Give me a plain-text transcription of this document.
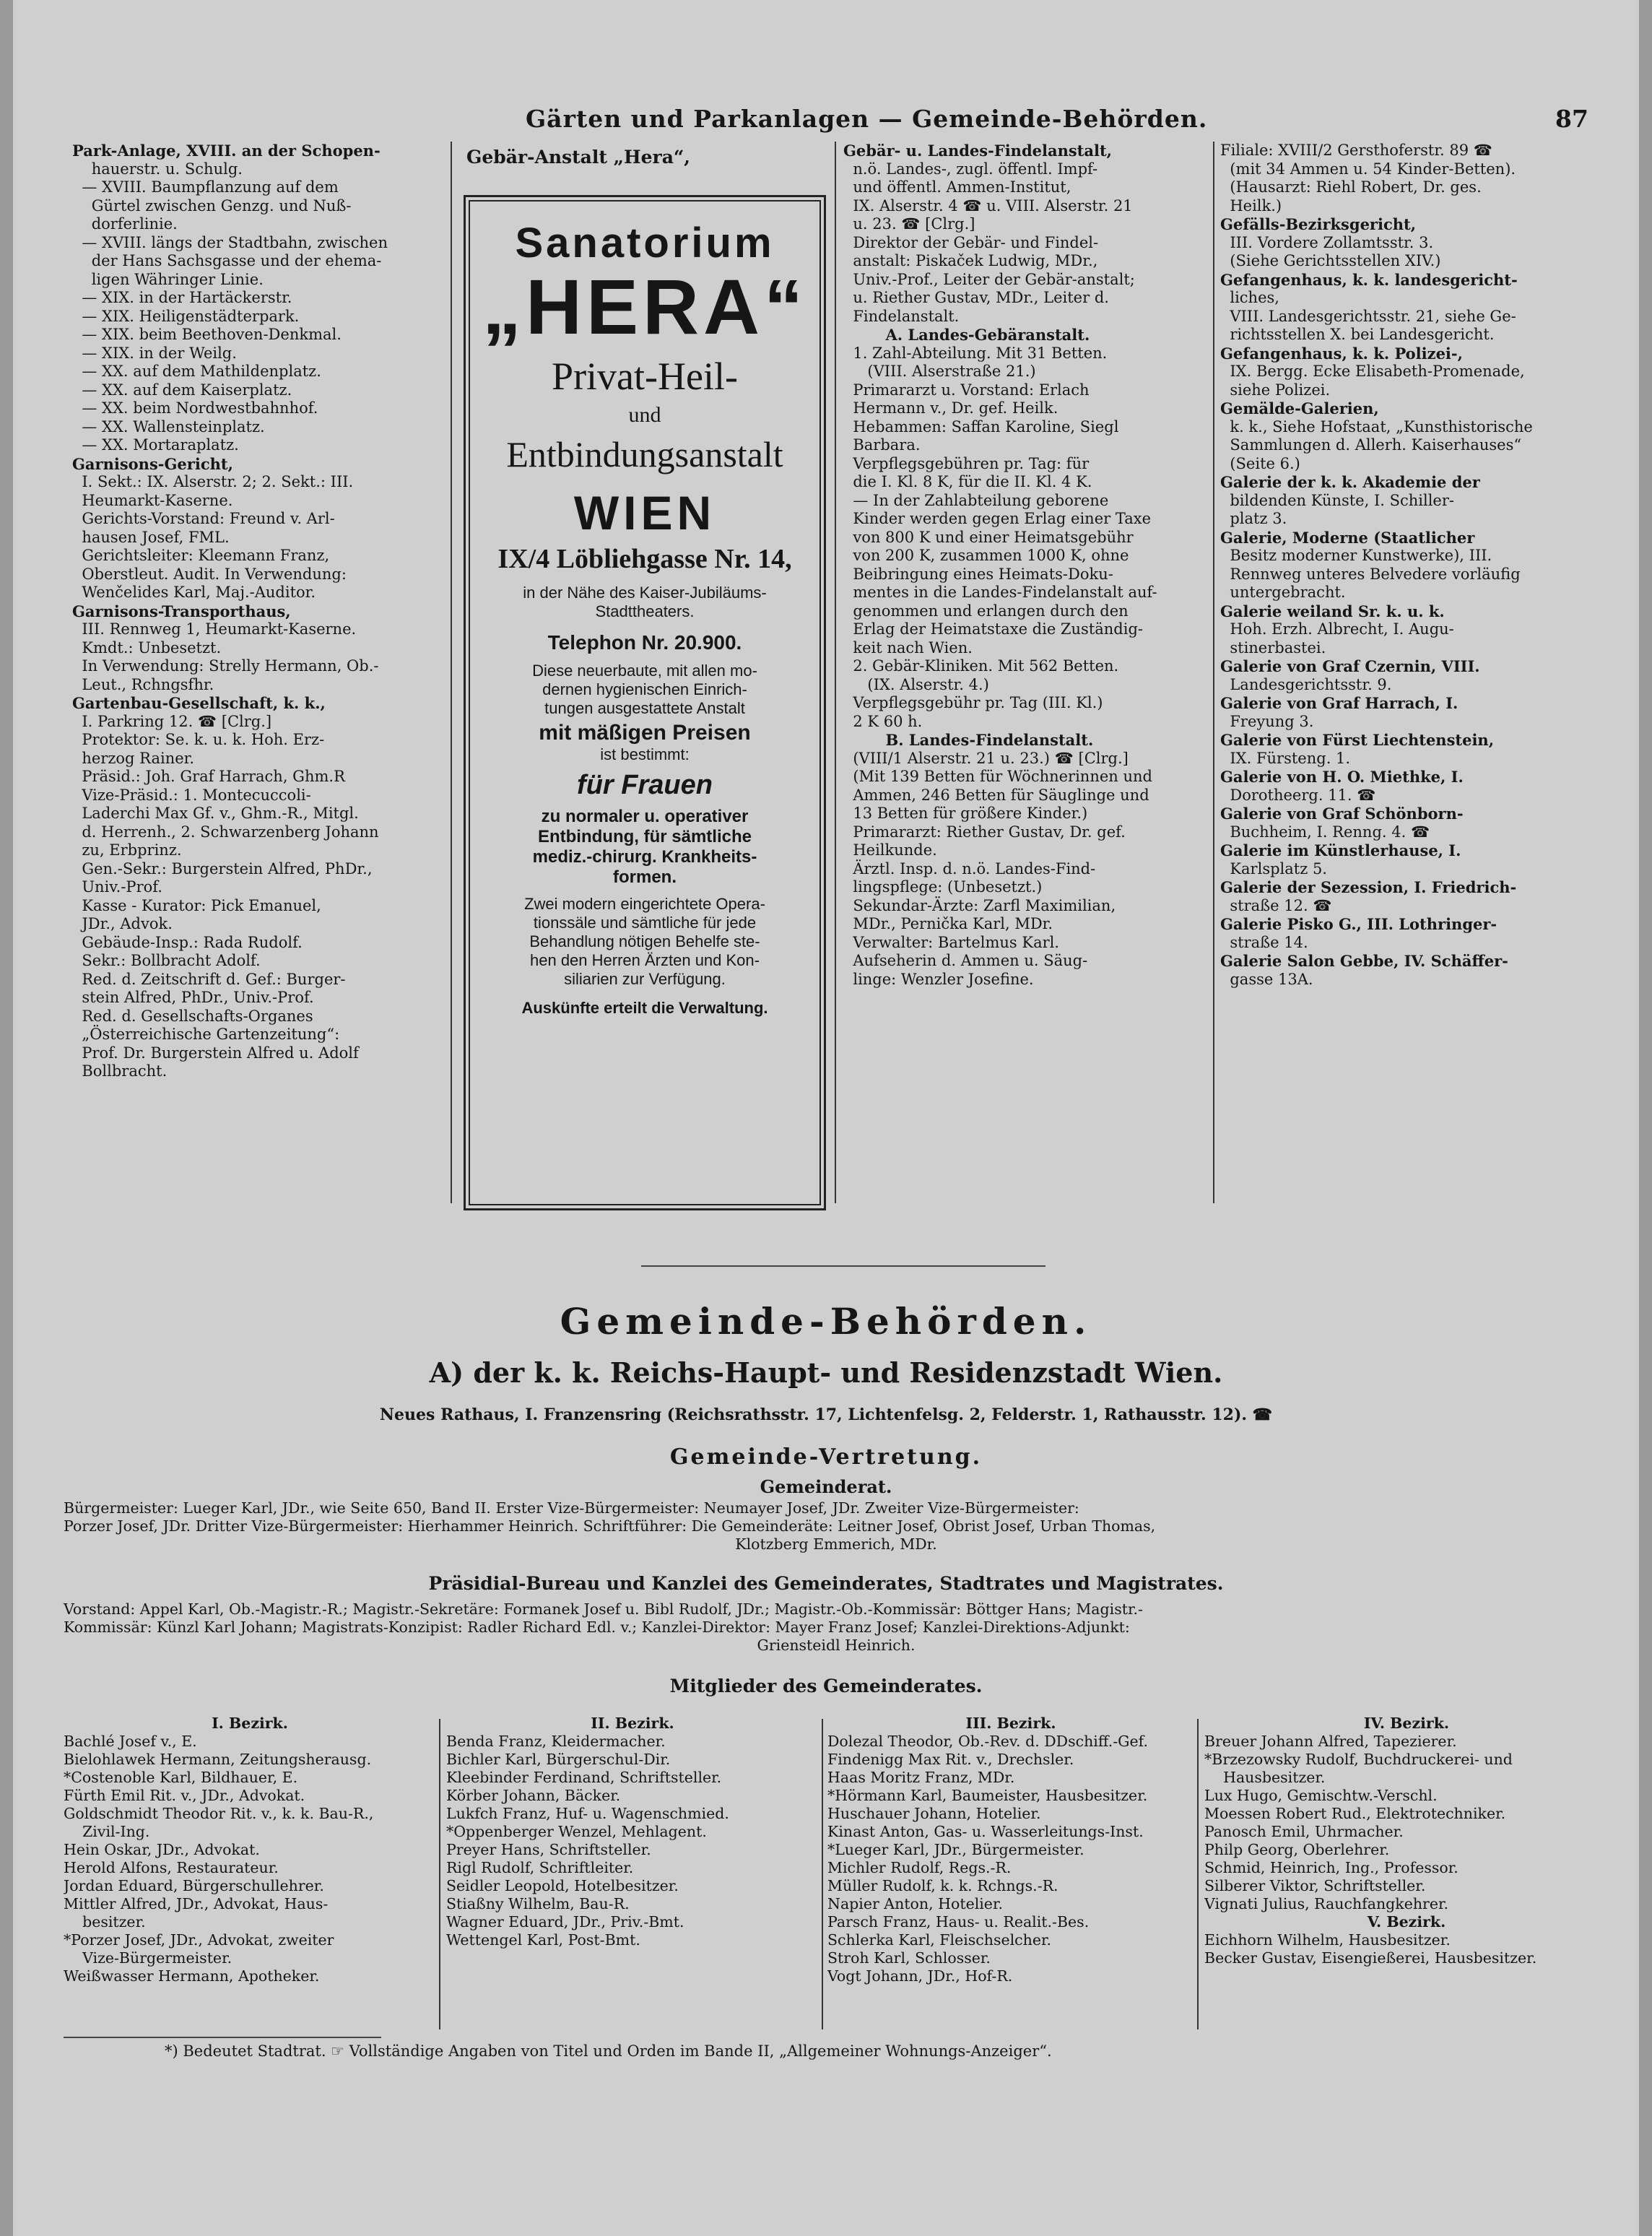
Gärten und Parkanlagen — Gemeinde-Behörden.	87
Park-Anlage, XVIII. an der Schopen-
hauerstr. u. Schulg.
— XVIII. Baumpflanzung auf dem
Gürtel zwischen Genzg. und Nuß-
dorferlinie.
— XVIII. längs der Stadtbahn, zwischen
der Hans Sachsgasse und der ehema-
ligen Währinger Linie.
— XIX. in der Hartäckerstr.
— XIX. Heiligenstädterpark.
— XIX. beim Beethoven-Denkmal.
— XIX. in der Weilg.
— XX. auf dem Mathildenplatz.
— XX. auf dem Kaiserplatz.
— XX. beim Nordwestbahnhof.
— XX. Wallensteinplatz.
— XX. Mortaraplatz.
Garnisons-Gericht,
I. Sekt.: IX. Alserstr. 2; 2. Sekt.: III.
Heumarkt-Kaserne.
Gerichts-Vorstand: Freund v. Arl-
hausen Josef, FML.
Gerichtsleiter: Kleemann Franz,
Oberstleut. Audit. In Verwendung:
Wenčelides Karl, Maj.-Auditor.
Garnisons-Transporthaus,
III. Rennweg 1, Heumarkt-Kaserne.
Kmdt.: Unbesetzt.
In Verwendung: Strelly Hermann, Ob.-
Leut., Rchngsfhr.
Gartenbau-Gesellschaft, k. k.,
I. Parkring 12. ☎ [Clrg.]
Protektor: Se. k. u. k. Hoh. Erz-
herzog Rainer.
Präsid.: Joh. Graf Harrach, Ghm.R
Vize-Präsid.: 1. Montecuccoli-
Laderchi Max Gf. v., Ghm.-R., Mitgl.
d. Herrenh., 2. Schwarzenberg Johann
zu, Erbprinz.
Gen.-Sekr.: Burgerstein Alfred, PhDr.,
Univ.-Prof.
Kasse - Kurator: Pick Emanuel,
JDr., Advok.
Gebäude-Insp.: Rada Rudolf.
Sekr.: Bollbracht Adolf.
Red. d. Zeitschrift d. Gef.: Burger-
stein Alfred, PhDr., Univ.-Prof.
Red. d. Gesellschafts-Organes
„Österreichische Gartenzeitung“:
Prof. Dr. Burgerstein Alfred u. Adolf
Bollbracht.
Gebär-Anstalt „Hera“,
Sanatorium
„HERA“
Privat-Heil-
und
Entbindungsanstalt
WIEN
IX/4 Löbliehgasse Nr. 14,
in der Nähe des Kaiser-Jubiläums-
Stadttheaters.
Telephon Nr. 20.900.
Diese neuerbaute, mit allen mo-
dernen hygienischen Einrich-
tungen ausgestattete Anstalt
mit mäßigen Preisen
ist bestimmt:
für Frauen
zu normaler u. operativer
Entbindung, für sämtliche
mediz.-chirurg. Krankheits-
formen.
Zwei modern eingerichtete Opera-
tionssäle und sämtliche für jede
Behandlung nötigen Behelfe ste-
hen den Herren Ärzten und Kon-
siliarien zur Verfügung.
Auskünfte erteilt die Verwaltung.
Gebär- u. Landes-Findelanstalt,
n.ö. Landes-, zugl. öffentl. Impf-
und öffentl. Ammen-Institut,
IX. Alserstr. 4 ☎ u. VIII. Alserstr. 21
u. 23. ☎ [Clrg.]
Direktor der Gebär- und Findel-
anstalt: Piskaček Ludwig, MDr.,
Univ.-Prof., Leiter der Gebär-anstalt;
u. Riether Gustav, MDr., Leiter d.
Findelanstalt.
A. Landes-Gebäranstalt.
1. Zahl-Abteilung. Mit 31 Betten.
(VIII. Alserstraße 21.)
Primararzt u. Vorstand: Erlach
Hermann v., Dr. gef. Heilk.
Hebammen: Saffan Karoline, Siegl
Barbara.
Verpflegsgebühren pr. Tag: für
die I. Kl. 8 K, für die II. Kl. 4 K.
— In der Zahlabteilung geborene
Kinder werden gegen Erlag einer Taxe
von 800 K und einer Heimatsgebühr
von 200 K, zusammen 1000 K, ohne
Beibringung eines Heimats-Doku-
mentes in die Landes-Findelanstalt auf-
genommen und erlangen durch den
Erlag der Heimatstaxe die Zuständig-
keit nach Wien.
2. Gebär-Kliniken. Mit 562 Betten.
(IX. Alserstr. 4.)
Verpflegsgebühr pr. Tag (III. Kl.)
2 K 60 h.
B. Landes-Findelanstalt.
(VIII/1 Alserstr. 21 u. 23.) ☎ [Clrg.]
(Mit 139 Betten für Wöchnerinnen und
Ammen, 246 Betten für Säuglinge und
13 Betten für größere Kinder.)
Primararzt: Riether Gustav, Dr. gef.
Heilkunde.
Ärztl. Insp. d. n.ö. Landes-Find-
lingspflege: (Unbesetzt.)
Sekundar-Ärzte: Zarfl Maximilian,
MDr., Pernička Karl, MDr.
Verwalter: Bartelmus Karl.
Aufseherin d. Ammen u. Säug-
linge: Wenzler Josefine.
Filiale: XVIII/2 Gersthoferstr. 89 ☎
(mit 34 Ammen u. 54 Kinder-Betten).
(Hausarzt: Riehl Robert, Dr. ges.
Heilk.)
Gefälls-Bezirksgericht,
III. Vordere Zollamtsstr. 3.
(Siehe Gerichtsstellen XIV.)
Gefangenhaus, k. k. landesgericht-
liches,
VIII. Landesgerichtsstr. 21, siehe Ge-
richtsstellen X. bei Landesgericht.
Gefangenhaus, k. k. Polizei-,
IX. Bergg. Ecke Elisabeth-Promenade,
siehe Polizei.
Gemälde-Galerien,
k. k., Siehe Hofstaat, „Kunsthistorische
Sammlungen d. Allerh. Kaiserhauses“
(Seite 6.)
Galerie der k. k. Akademie der
bildenden Künste, I. Schiller-
platz 3.
Galerie, Moderne (Staatlicher
Besitz moderner Kunstwerke), III.
Rennweg unteres Belvedere vorläufig
untergebracht.
Galerie weiland Sr. k. u. k.
Hoh. Erzh. Albrecht, I. Augu-
stinerbastei.
Galerie von Graf Czernin, VIII.
Landesgerichtsstr. 9.
Galerie von Graf Harrach, I.
Freyung 3.
Galerie von Fürst Liechtenstein,
IX. Fürsteng. 1.
Galerie von H. O. Miethke, I.
Dorotheerg. 11. ☎
Galerie von Graf Schönborn-
Buchheim, I. Renng. 4. ☎
Galerie im Künstlerhause, I.
Karlsplatz 5.
Galerie der Sezession, I. Friedrich-
straße 12. ☎
Galerie Pisko G., III. Lothringer-
straße 14.
Galerie Salon Gebbe, IV. Schäffer-
gasse 13A.
Gemeinde-Behörden.
A) der k. k. Reichs-Haupt- und Residenzstadt Wien.
Neues Rathaus, I. Franzensring (Reichsrathsstr. 17, Lichtenfelsg. 2, Felderstr. 1, Rathausstr. 12). ☎
Gemeinde-Vertretung.
Gemeinderat.
Bürgermeister: Lueger Karl, JDr., wie Seite 650, Band II. Erster Vize-Bürgermeister: Neumayer Josef, JDr. Zweiter Vize-Bürgermeister:
Porzer Josef, JDr. Dritter Vize-Bürgermeister: Hierhammer Heinrich. Schriftführer: Die Gemeinderäte: Leitner Josef, Obrist Josef, Urban Thomas,
Klotzberg Emmerich, MDr.
Präsidial-Bureau und Kanzlei des Gemeinderates, Stadtrates und Magistrates.
Vorstand: Appel Karl, Ob.-Magistr.-R.; Magistr.-Sekretäre: Formanek Josef u. Bibl Rudolf, JDr.; Magistr.-Ob.-Kommissär: Böttger Hans; Magistr.-
Kommissär: Künzl Karl Johann; Magistrats-Konzipist: Radler Richard Edl. v.; Kanzlei-Direktor: Mayer Franz Josef; Kanzlei-Direktions-Adjunkt:
Griensteidl Heinrich.
Mitglieder des Gemeinderates.
I. Bezirk.
Bachlé Josef v., E.
Bielohlawek Hermann, Zeitungsherausg.
*Costenoble Karl, Bildhauer, E.
Fürth Emil Rit. v., JDr., Advokat.
Goldschmidt Theodor Rit. v., k. k. Bau-R.,
Zivil-Ing.
Hein Oskar, JDr., Advokat.
Herold Alfons, Restaurateur.
Jordan Eduard, Bürgerschullehrer.
Mittler Alfred, JDr., Advokat, Haus-
besitzer.
*Porzer Josef, JDr., Advokat, zweiter
Vize-Bürgermeister.
Weißwasser Hermann, Apotheker.
II. Bezirk.
Benda Franz, Kleidermacher.
Bichler Karl, Bürgerschul-Dir.
Kleebinder Ferdinand, Schriftsteller.
Körber Johann, Bäcker.
Lukfch Franz, Huf- u. Wagenschmied.
*Oppenberger Wenzel, Mehlagent.
Preyer Hans, Schriftsteller.
Rigl Rudolf, Schriftleiter.
Seidler Leopold, Hotelbesitzer.
Stiaßny Wilhelm, Bau-R.
Wagner Eduard, JDr., Priv.-Bmt.
Wettengel Karl, Post-Bmt.
III. Bezirk.
Dolezal Theodor, Ob.-Rev. d. DDschiff.-Gef.
Findenigg Max Rit. v., Drechsler.
Haas Moritz Franz, MDr.
*Hörmann Karl, Baumeister, Hausbesitzer.
Huschauer Johann, Hotelier.
Kinast Anton, Gas- u. Wasserleitungs-Inst.
*Lueger Karl, JDr., Bürgermeister.
Michler Rudolf, Regs.-R.
Müller Rudolf, k. k. Rchngs.-R.
Napier Anton, Hotelier.
Parsch Franz, Haus- u. Realit.-Bes.
Schlerka Karl, Fleischselcher.
Stroh Karl, Schlosser.
Vogt Johann, JDr., Hof-R.
IV. Bezirk.
Breuer Johann Alfred, Tapezierer.
*Brzezowsky Rudolf, Buchdruckerei- und
Hausbesitzer.
Lux Hugo, Gemischtw.-Verschl.
Moessen Robert Rud., Elektrotechniker.
Panosch Emil, Uhrmacher.
Philp Georg, Oberlehrer.
Schmid, Heinrich, Ing., Professor.
Silberer Viktor, Schriftsteller.
Vignati Julius, Rauchfangkehrer.
V. Bezirk.
Eichhorn Wilhelm, Hausbesitzer.
Becker Gustav, Eisengießerei, Hausbesitzer.
*) Bedeutet Stadtrat. ☞ Vollständige Angaben von Titel und Orden im Bande II, „Allgemeiner Wohnungs-Anzeiger“.
